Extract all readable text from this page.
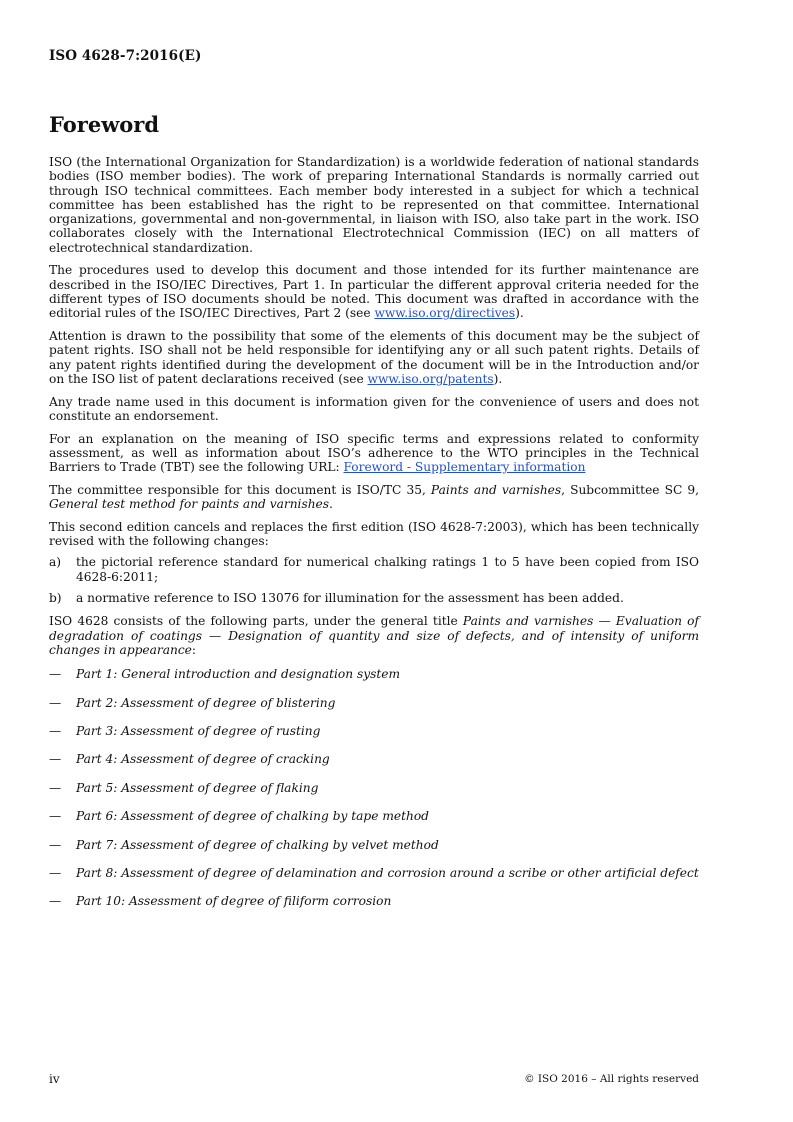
ISO 4628-7:2016(E)
Foreword

ISO (the International Organization for Standardization) is a worldwide federation of national standards bodies (ISO member bodies). The work of preparing International Standards is normally carried out through ISO technical committees. Each member body interested in a subject for which a technical committee has been established has the right to be represented on that committee. International organizations, governmental and non-governmental, in liaison with ISO, also take part in the work. ISO collaborates closely with the International Electrotechnical Commission (IEC) on all matters of electrotechnical standardization.

The procedures used to develop this document and those intended for its further maintenance are described in the ISO/IEC Directives, Part 1. In particular the different approval criteria needed for the different types of ISO documents should be noted. This document was drafted in accordance with the editorial rules of the ISO/IEC Directives, Part 2 (see www.iso.org/directives).

Attention is drawn to the possibility that some of the elements of this document may be the subject of patent rights. ISO shall not be held responsible for identifying any or all such patent rights. Details of any patent rights identified during the development of the document will be in the Introduction and/or on the ISO list of patent declarations received (see www.iso.org/patents).

Any trade name used in this document is information given for the convenience of users and does not constitute an endorsement.

For an explanation on the meaning of ISO specific terms and expressions related to conformity assessment, as well as information about ISO’s adherence to the WTO principles in the Technical Barriers to Trade (TBT) see the following URL: Foreword - Supplementary information

The committee responsible for this document is ISO/TC 35, Paints and varnishes, Subcommittee SC 9, General test method for paints and varnishes.

This second edition cancels and replaces the first edition (ISO 4628-7:2003), which has been technically revised with the following changes:

a)	the pictorial reference standard for numerical chalking ratings 1 to 5 have been copied from ISO 4628-6:2011;
b)	a normative reference to ISO 13076 for illumination for the assessment has been added.

ISO 4628 consists of the following parts, under the general title Paints and varnishes — Evaluation of degradation of coatings — Designation of quantity and size of defects, and of intensity of uniform changes in appearance:

—	Part 1: General introduction and designation system
—	Part 2: Assessment of degree of blistering
—	Part 3: Assessment of degree of rusting
—	Part 4: Assessment of degree of cracking
—	Part 5: Assessment of degree of flaking
—	Part 6: Assessment of degree of chalking by tape method
—	Part 7: Assessment of degree of chalking by velvet method
—	Part 8: Assessment of degree of delamination and corrosion around a scribe or other artificial defect
—	Part 10: Assessment of degree of filiform corrosion
iv	© ISO 2016 – All rights reserved
